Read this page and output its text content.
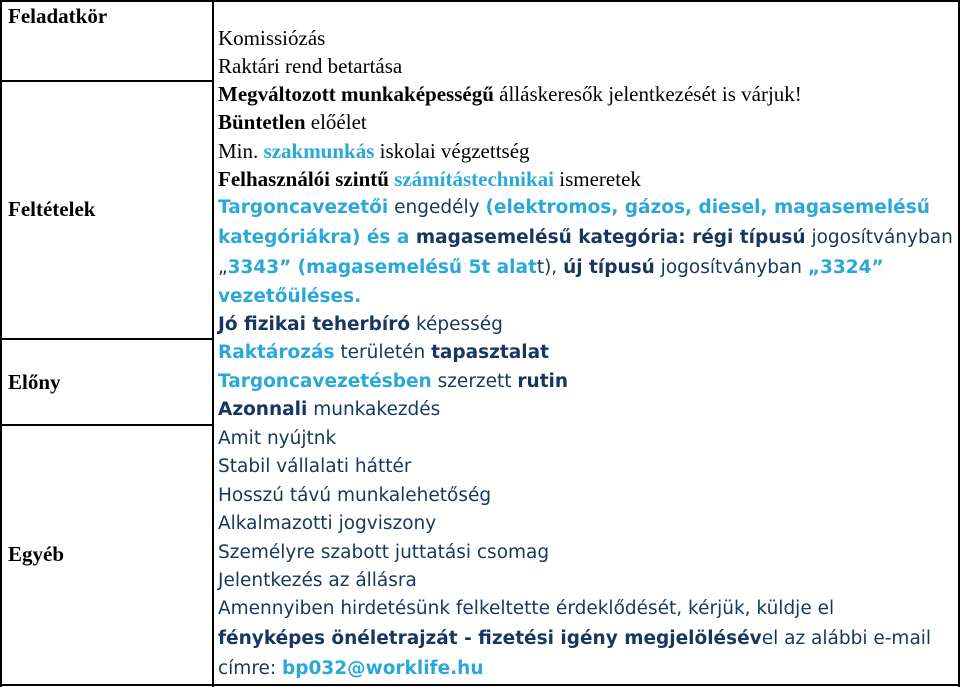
Feladatkör
Feltételek
Előny
Egyéb
Komissiózás
Raktári rend betartása
Megváltozott munkaképességű álláskeresők jelentkezését is várjuk!
Büntetlen előélet
Min. szakmunkás iskolai végzettség
Felhasználói szintű számítástechnikai ismeretek
Targoncavezetői engedély (elektromos, gázos, diesel, magasemelésű
kategóriákra) és a magasemelésű kategória: régi típusú jogosítványban
„3343” (magasemelésű 5t alatt), új típusú jogosítványban „3324”
vezetőüléses.
Jó fizikai teherbíró képesség
Raktározás területén tapasztalat
Targoncavezetésben szerzett rutin
Azonnali munkakezdés
Amit nyújtnk
Stabil vállalati háttér
Hosszú távú munkalehetőség
Alkalmazotti jogviszony
Személyre szabott juttatási csomag
Jelentkezés az állásra
Amennyiben hirdetésünk felkeltette érdeklődését, kérjük, küldje el
fényképes önéletrajzát - fizetési igény megjelölésével az alábbi e-mail
címre: bp032@worklife.hu
